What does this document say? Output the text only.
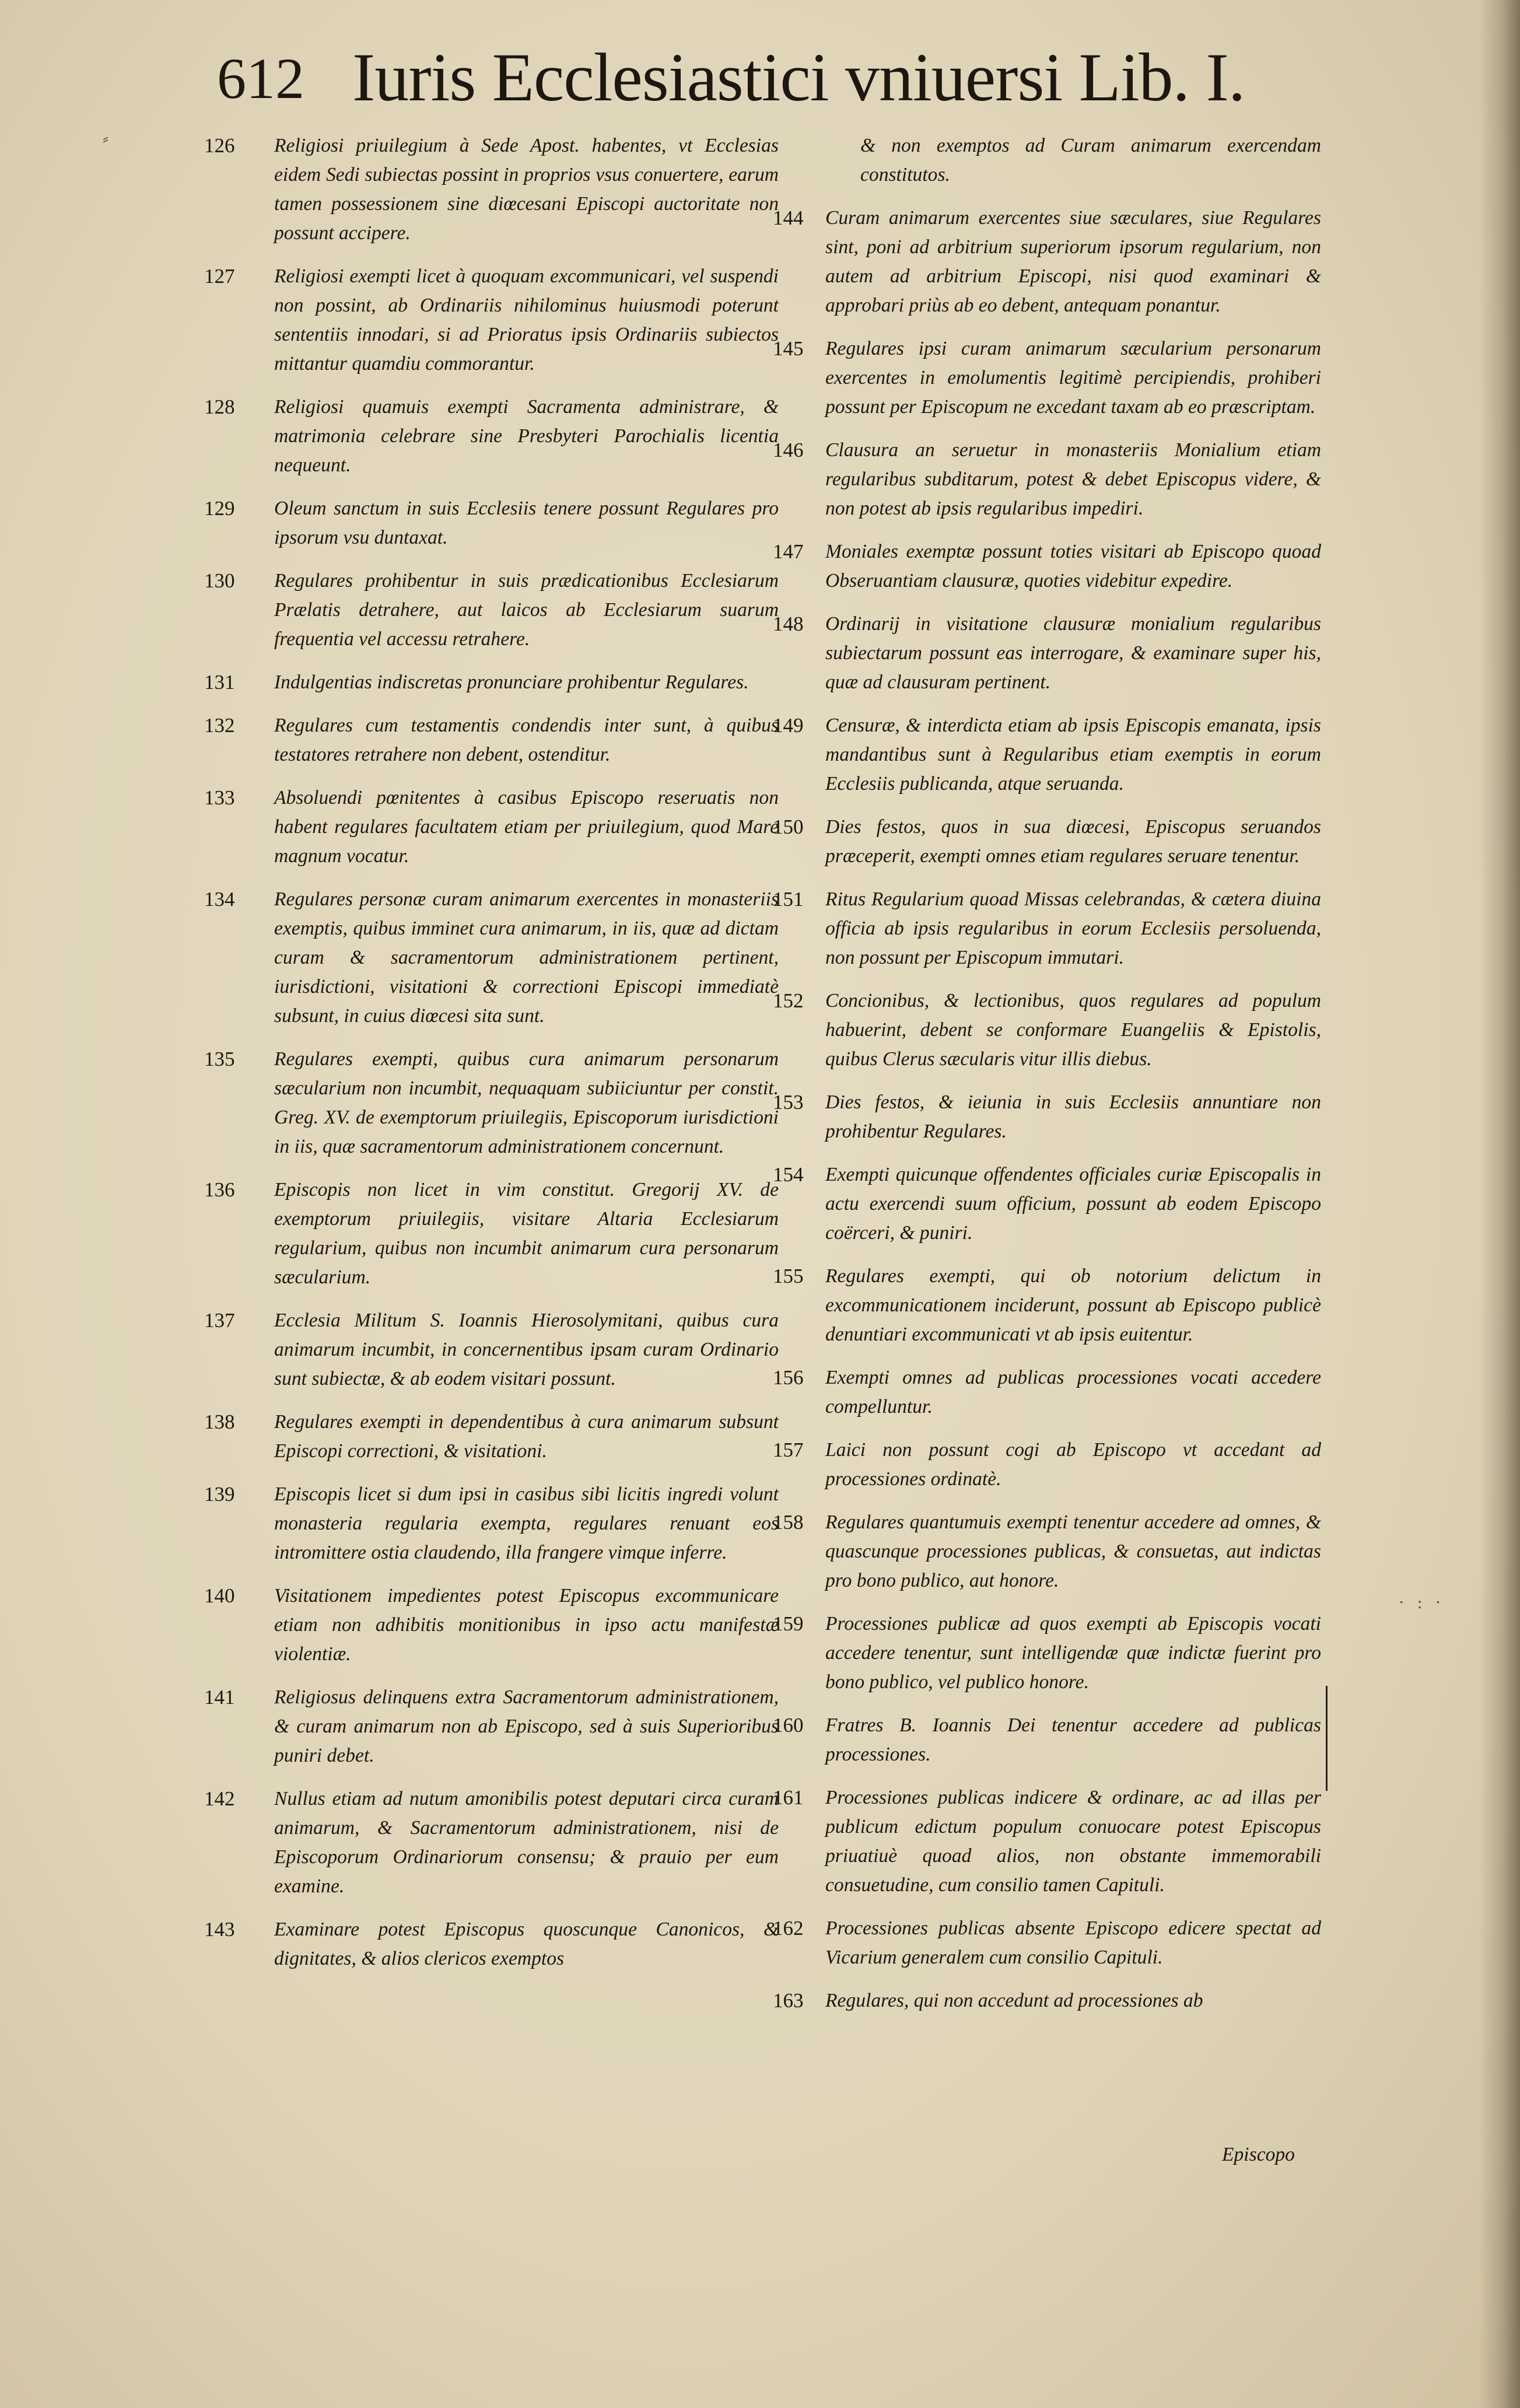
612 Iuris Ecclesiastici vniuersi Lib. I.
⸗	126 Religiosi priuilegium à Sede Apost. habentes, vt Ecclesias eidem Sedi subiectas possint in proprios vsus conuertere, earum tamen possessionem sine diœcesani Episcopi auctoritate non possunt accipere.
127 Religiosi exempti licet à quoquam excommunicari, vel suspendi non possint, ab Ordinariis nihilominus huiusmodi poterunt sententiis innodari, si ad Prioratus ipsis Ordinariis subiectos mittantur quamdiu commorantur.
128 Religiosi quamuis exempti Sacramenta administrare, & matrimonia celebrare sine Presbyteri Parochialis licentia nequeunt.
129 Oleum sanctum in suis Ecclesiis tenere possunt Regulares pro ipsorum vsu duntaxat.
130 Regulares prohibentur in suis prædicationibus Ecclesiarum Prælatis detrahere, aut laicos ab Ecclesiarum suarum frequentia vel accessu retrahere.
131 Indulgentias indiscretas pronunciare prohibentur Regulares.
132 Regulares cum testamentis condendis inter sunt, à quibus testatores retrahere non debent, ostenditur.
133 Absoluendi pœnitentes à casibus Episcopo reseruatis non habent regulares facultatem etiam per priuilegium, quod Mare magnum vocatur.
134 Regulares personæ curam animarum exercentes in monasteriis exemptis, quibus imminet cura animarum, in iis, quæ ad dictam curam & sacramentorum administrationem pertinent, iurisdictioni, visitationi & correctioni Episcopi immediatè subsunt, in cuius diœcesi sita sunt.
135 Regulares exempti, quibus cura animarum personarum sæcularium non incumbit, nequaquam subiiciuntur per constit. Greg. XV. de exemptorum priuilegiis, Episcoporum iurisdictioni in iis, quæ sacramentorum administrationem concernunt.
136 Episcopis non licet in vim constitut. Gregorij XV. de exemptorum priuilegiis, visitare Altaria Ecclesiarum regularium, quibus non incumbit animarum cura personarum sæcularium.
137 Ecclesia Militum S. Ioannis Hierosolymitani, quibus cura animarum incumbit, in concernentibus ipsam curam Ordinario sunt subiectæ, & ab eodem visitari possunt.
138 Regulares exempti in dependentibus à cura animarum subsunt Episcopi correctioni, & visitationi.
139 Episcopis licet si dum ipsi in casibus sibi licitis ingredi volunt monasteria regularia exempta, regulares renuant eos intromittere ostia claudendo, illa frangere vimque inferre.
140 Visitationem impedientes potest Episcopus excommunicare etiam non adhibitis monitionibus in ipso actu manifestæ violentiæ.
141 Religiosus delinquens extra Sacramentorum administrationem, & curam animarum non ab Episcopo, sed à suis Superioribus puniri debet.
142 Nullus etiam ad nutum amonibilis potest deputari circa curam animarum, & Sacramentorum administrationem, nisi de Episcoporum Ordinariorum consensu; & prauio per eum examine.
143 Examinare potest Episcopus quoscunque Canonicos, & dignitates, & alios clericos exemptos
& non exemptos ad Curam animarum exercendam constitutos.
144 Curam animarum exercentes siue sæculares, siue Regulares sint, poni ad arbitrium superiorum ipsorum regularium, non autem ad arbitrium Episcopi, nisi quod examinari & approbari priùs ab eo debent, antequam ponantur.
145 Regulares ipsi curam animarum sæcularium personarum exercentes in emolumentis legitimè percipiendis, prohiberi possunt per Episcopum ne excedant taxam ab eo præscriptam.
146 Clausura an seruetur in monasteriis Monialium etiam regularibus subditarum, potest & debet Episcopus videre, & non potest ab ipsis regularibus impediri.
147 Moniales exemptæ possunt toties visitari ab Episcopo quoad Obseruantiam clausuræ, quoties videbitur expedire.
148 Ordinarij in visitatione clausuræ monialium regularibus subiectarum possunt eas interrogare, & examinare super his, quæ ad clausuram pertinent.
149 Censuræ, & interdicta etiam ab ipsis Episcopis emanata, ipsis mandantibus sunt à Regularibus etiam exemptis in eorum Ecclesiis publicanda, atque seruanda.
150 Dies festos, quos in sua diœcesi, Episcopus seruandos præceperit, exempti omnes etiam regulares seruare tenentur.
151 Ritus Regularium quoad Missas celebrandas, & cætera diuina officia ab ipsis regularibus in eorum Ecclesiis persoluenda, non possunt per Episcopum immutari.
152 Concionibus, & lectionibus, quos regulares ad populum habuerint, debent se conformare Euangeliis & Epistolis, quibus Clerus sæcularis vitur illis diebus.
153 Dies festos, & ieiunia in suis Ecclesiis annuntiare non prohibentur Regulares.
154 Exempti quicunque offendentes officiales curiæ Episcopalis in actu exercendi suum officium, possunt ab eodem Episcopo coërceri, & puniri.
155 Regulares exempti, qui ob notorium delictum in excommunicationem inciderunt, possunt ab Episcopo publicè denuntiari excommunicati vt ab ipsis euitentur.
156 Exempti omnes ad publicas processiones vocati accedere compelluntur.
157 Laici non possunt cogi ab Episcopo vt accedant ad processiones ordinatè.
158 Regulares quantumuis exempti tenentur accedere ad omnes, & quascunque processiones publicas, & consuetas, aut indictas pro bono publico, aut honore.
159 Processiones publicæ ad quos exempti ab Episcopis vocati accedere tenentur, sunt intelligendæ quæ indictæ fuerint pro bono publico, vel publico honore.
160 Fratres B. Ioannis Dei tenentur accedere ad publicas processiones.
161 Processiones publicas indicere & ordinare, ac ad illas per publicum edictum populum conuocare potest Episcopus priuatiuè quoad alios, non obstante immemorabili consuetudine, cum consilio tamen Capituli.
162 Processiones publicas absente Episcopo edicere spectat ad Vicarium generalem cum consilio Capituli.
163 Regulares, qui non accedunt ad processiones ab
· : ·
Episcopo
